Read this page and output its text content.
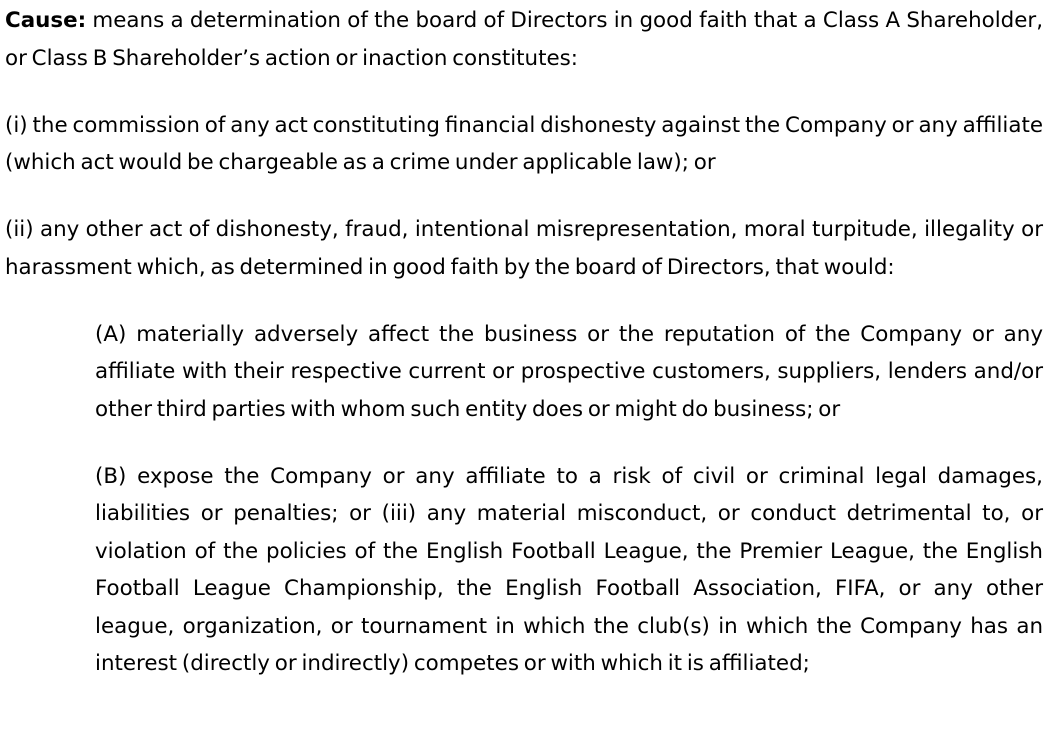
Cause: means a determination of the board of Directors in good faith that a Class A Shareholder, or Class B Shareholder’s action or inaction constitutes:

(i) the commission of any act constituting financial dishonesty against the Company or any affiliate (which act would be chargeable as a crime under applicable law); or

(ii) any other act of dishonesty, fraud, intentional misrepresentation, moral turpitude, illegality or harassment which, as determined in good faith by the board of Directors, that would:

(A) materially adversely affect the business or the reputation of the Company or any affiliate with their respective current or prospective customers, suppliers, lenders and/or other third parties with whom such entity does or might do business; or

(B) expose the Company or any affiliate to a risk of civil or criminal legal damages, liabilities or penalties; or (iii) any material misconduct, or conduct detrimental to, or violation of the policies of the English Football League, the Premier League, the English Football League Championship, the English Football Association, FIFA, or any other league, organization, or tournament in which the club(s) in which the Company has an interest (directly or indirectly) competes or with which it is affiliated;
